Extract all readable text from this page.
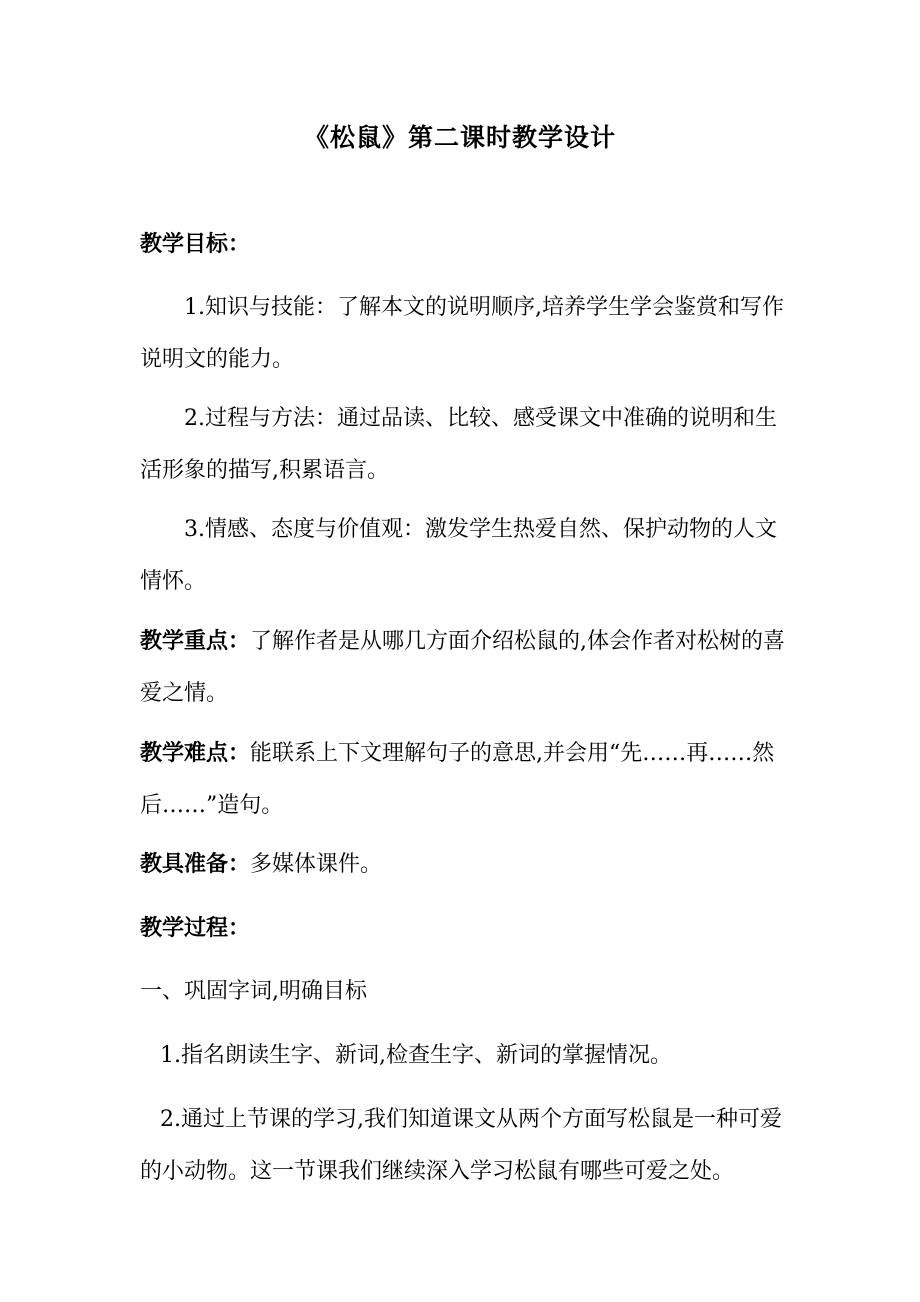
《松鼠》第二课时教学设计
教学目标：
1.知识与技能：了解本文的说明顺序,培养学生学会鉴赏和写作说明文的能力。
2.过程与方法：通过品读、比较、感受课文中准确的说明和生活形象的描写,积累语言。
3.情感、态度与价值观：激发学生热爱自然、保护动物的人文情怀。
教学重点：了解作者是从哪几方面介绍松鼠的,体会作者对松树的喜爱之情。
教学难点：能联系上下文理解句子的意思,并会用“先……再……然后……”造句。
教具准备：多媒体课件。
教学过程：
一、巩固字词,明确目标
1.指名朗读生字、新词,检查生字、新词的掌握情况。
2.通过上节课的学习,我们知道课文从两个方面写松鼠是一种可爱的小动物。这一节课我们继续深入学习松鼠有哪些可爱之处。
